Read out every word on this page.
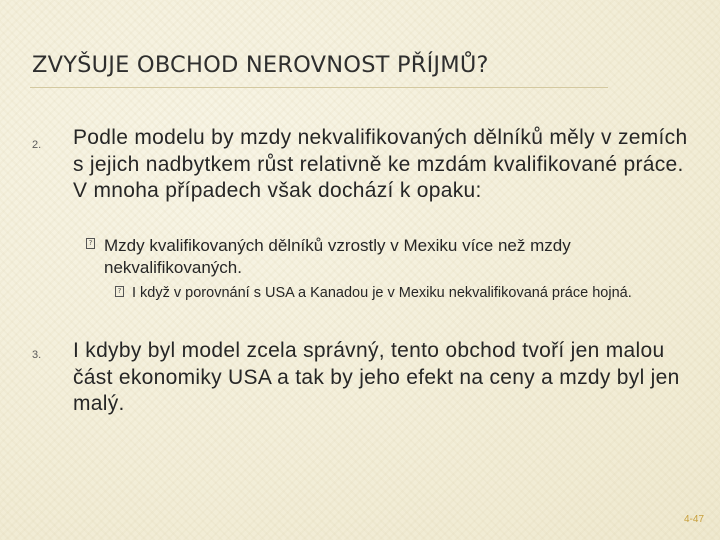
ZVYŠUJE OBCHOD NEROVNOST PŘÍJMŮ?
2. Podle modelu by mzdy nekvalifikovaných dělníků měly v zemích s jejich nadbytkem růst relativně ke mzdám kvalifikované práce. V mnoha případech však dochází k opaku:
? Mzdy kvalifikovaných dělníků vzrostly v Mexiku více než mzdy nekvalifikovaných.
? I když v porovnání s USA a Kanadou je v Mexiku nekvalifikovaná práce hojná.
3. I kdyby byl model zcela správný, tento obchod tvoří jen malou část ekonomiky USA a tak by jeho efekt na ceny a mzdy byl jen malý.
4-47
